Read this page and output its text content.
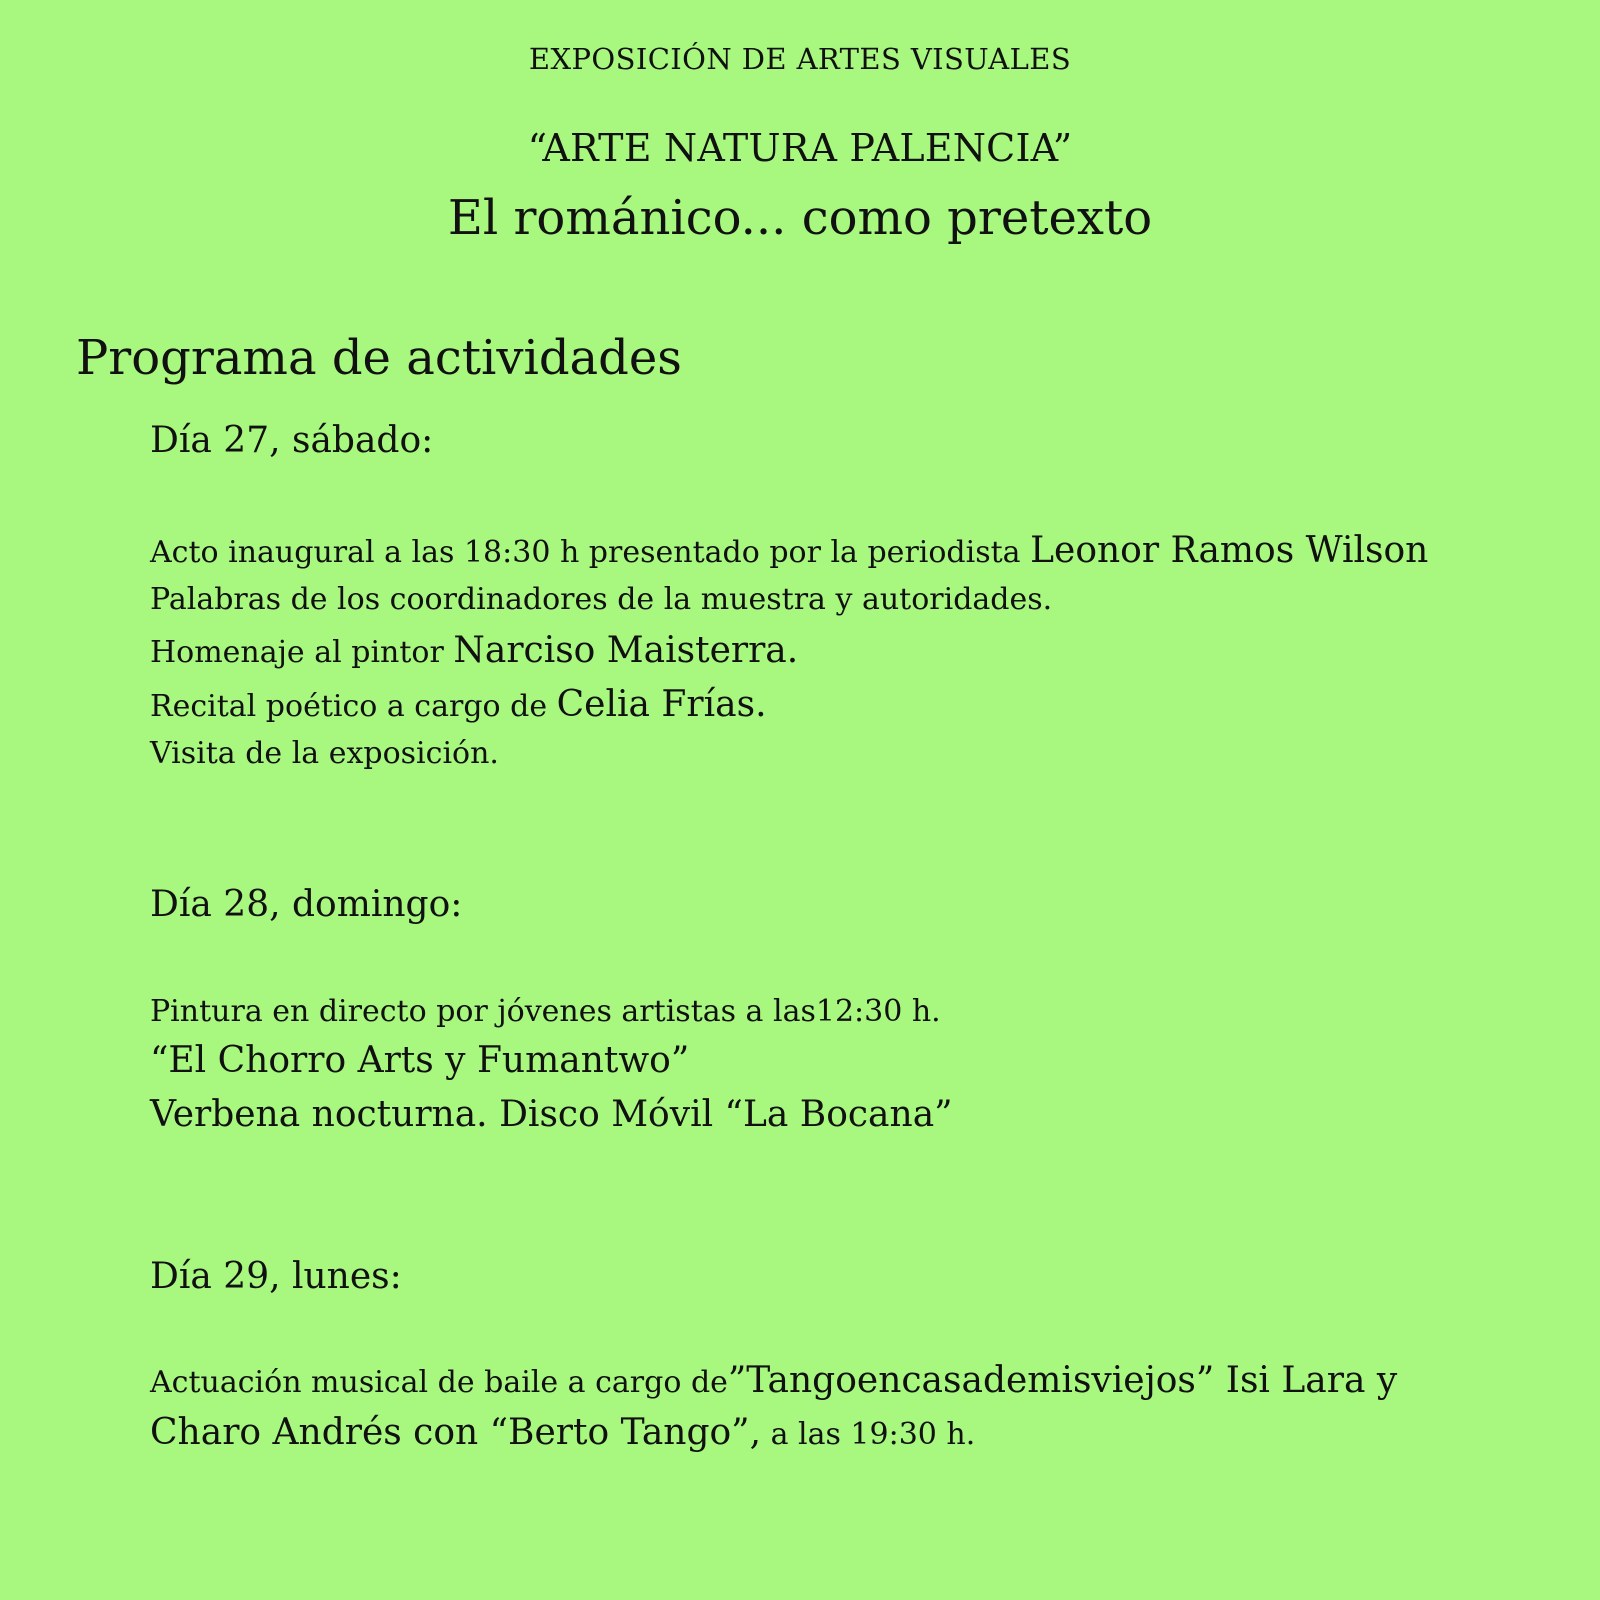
EXPOSICIÓN DE ARTES VISUALES
“ARTE NATURA PALENCIA”
El románico... como pretexto
Programa de actividades
Día 27, sábado:
Acto inaugural a las 18:30 h presentado por la periodista Leonor Ramos Wilson
Palabras de los coordinadores de la muestra y autoridades.
Homenaje al pintor Narciso Maisterra.
Recital poético a cargo de Celia Frías.
Visita de la exposición.
Día 28, domingo:
Pintura en directo por jóvenes artistas a las12:30 h.
“El Chorro Arts y Fumantwo”
Verbena nocturna. Disco Móvil “La Bocana”
Día 29, lunes:
Actuación musical de baile a cargo de”Tangoencasademisviejos” Isi Lara y
Charo Andrés con “Berto Tango”, a las 19:30 h.
